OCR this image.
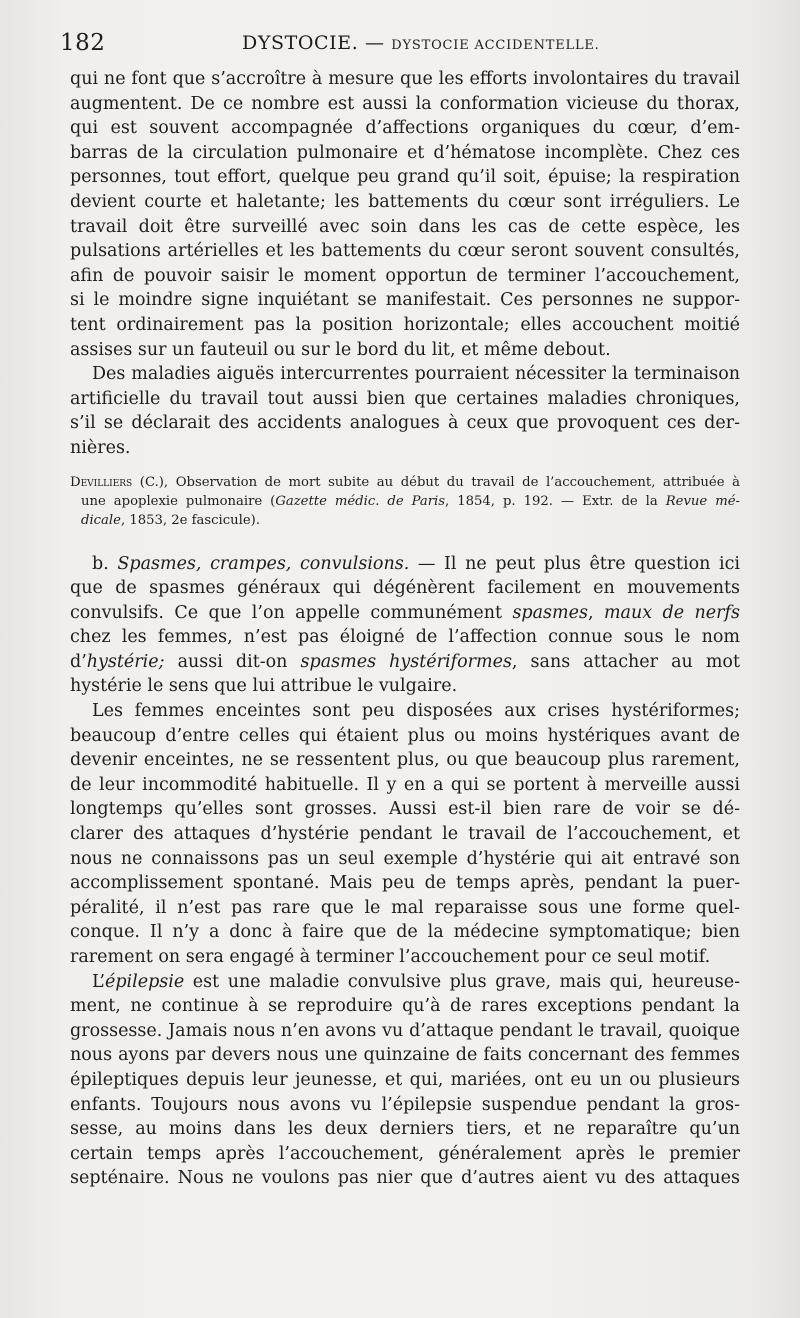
182	DYSTOCIE. — DYSTOCIE ACCIDENTELLE.

qui ne font que s’accroître à mesure que les efforts involontaires du travail

augmentent. De ce nombre est aussi la conformation vicieuse du thorax,

qui est souvent accompagnée d’affections organiques du cœur, d’em-

barras de la circulation pulmonaire et d’hématose incomplète. Chez ces

personnes, tout effort, quelque peu grand qu’il soit, épuise; la respiration

devient courte et haletante; les battements du cœur sont irréguliers. Le

travail doit être surveillé avec soin dans les cas de cette espèce, les

pulsations artérielles et les battements du cœur seront souvent consultés,

afin de pouvoir saisir le moment opportun de terminer l’accouchement,

si le moindre signe inquiétant se manifestait. Ces personnes ne suppor-

tent ordinairement pas la position horizontale; elles accouchent moitié

assises sur un fauteuil ou sur le bord du lit, et même debout.

Des maladies aiguës intercurrentes pourraient nécessiter la terminaison

artificielle du travail tout aussi bien que certaines maladies chroniques,

s’il se déclarait des accidents analogues à ceux que provoquent ces der-

nières.

Devilliers (C.), Observation de mort subite au début du travail de l’accouchement, attribuée à

une apoplexie pulmonaire (Gazette médic. de Paris, 1854, p. 192. — Extr. de la Revue mé-

dicale, 1853, 2e fascicule).

b. Spasmes, crampes, convulsions. — Il ne peut plus être question ici

que de spasmes généraux qui dégénèrent facilement en mouvements

convulsifs. Ce que l’on appelle communément spasmes, maux de nerfs

chez les femmes, n’est pas éloigné de l’affection connue sous le nom

d’hystérie; aussi dit-on spasmes hystériformes, sans attacher au mot

hystérie le sens que lui attribue le vulgaire.

Les femmes enceintes sont peu disposées aux crises hystériformes;

beaucoup d’entre celles qui étaient plus ou moins hystériques avant de

devenir enceintes, ne se ressentent plus, ou que beaucoup plus rarement,

de leur incommodité habituelle. Il y en a qui se portent à merveille aussi

longtemps qu’elles sont grosses. Aussi est-il bien rare de voir se dé-

clarer des attaques d’hystérie pendant le travail de l’accouchement, et

nous ne connaissons pas un seul exemple d’hystérie qui ait entravé son

accomplissement spontané. Mais peu de temps après, pendant la puer-

péralité, il n’est pas rare que le mal reparaisse sous une forme quel-

conque. Il n’y a donc à faire que de la médecine symptomatique; bien

rarement on sera engagé à terminer l’accouchement pour ce seul motif.

L’épilepsie est une maladie convulsive plus grave, mais qui, heureuse-

ment, ne continue à se reproduire qu’à de rares exceptions pendant la

grossesse. Jamais nous n’en avons vu d’attaque pendant le travail, quoique

nous ayons par devers nous une quinzaine de faits concernant des femmes

épileptiques depuis leur jeunesse, et qui, mariées, ont eu un ou plusieurs

enfants. Toujours nous avons vu l’épilepsie suspendue pendant la gros-

sesse, au moins dans les deux derniers tiers, et ne reparaître qu’un

certain temps après l’accouchement, généralement après le premier

septénaire. Nous ne voulons pas nier que d’autres aient vu des attaques
